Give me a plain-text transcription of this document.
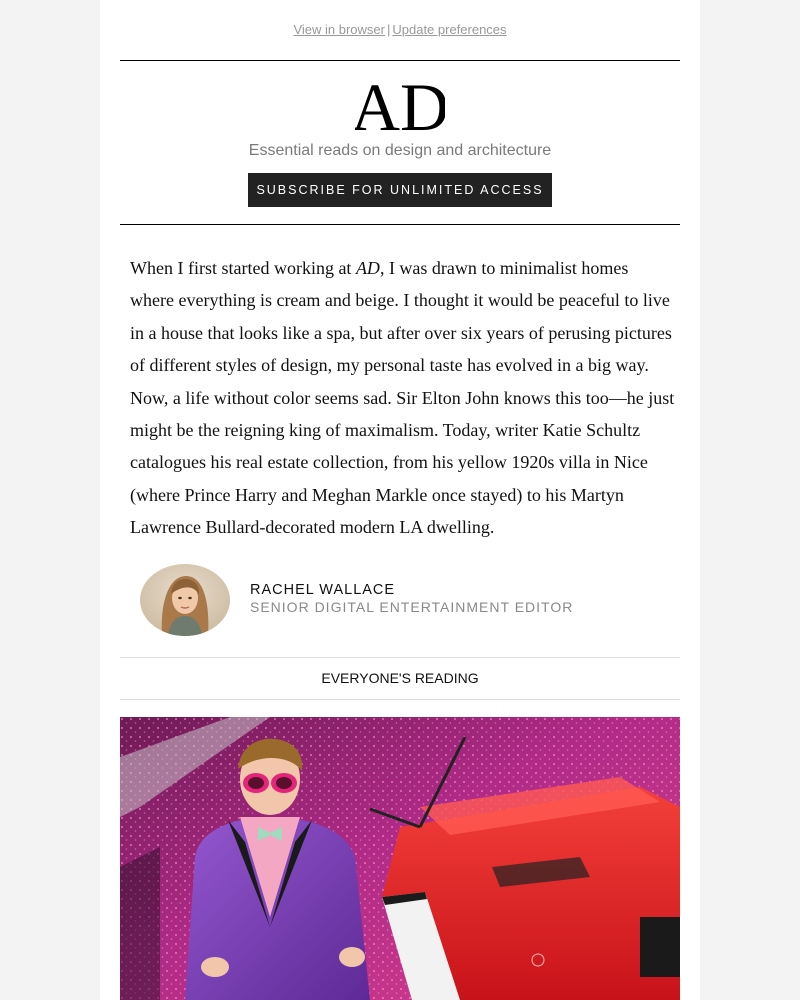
View in browser | Update preferences
AD
Essential reads on design and architecture
SUBSCRIBE FOR UNLIMITED ACCESS

When I first started working at AD, I was drawn to minimalist homes where everything is cream and beige. I thought it would be peaceful to live in a house that looks like a spa, but after over six years of perusing pictures of different styles of design, my personal taste has evolved in a big way. Now, a life without color seems sad. Sir Elton John knows this too—he just might be the reigning king of maximalism. Today, writer Katie Schultz catalogues his real estate collection, from his yellow 1920s villa in Nice (where Prince Harry and Meghan Markle once stayed) to his Martyn Lawrence Bullard-decorated modern LA dwelling.

RACHEL WALLACE
SENIOR DIGITAL ENTERTAINMENT EDITOR
EVERYONE'S READING
